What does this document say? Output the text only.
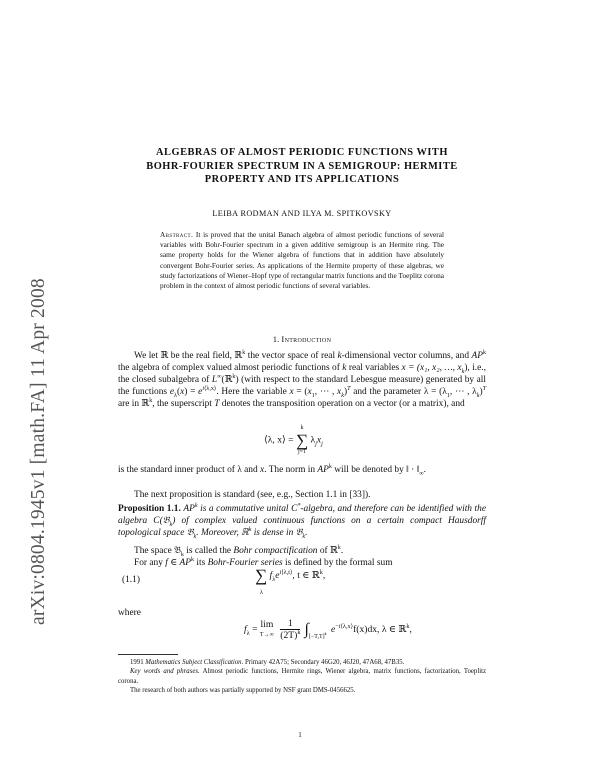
arXiv:0804.1945v1 [math.FA] 11 Apr 2008
ALGEBRAS OF ALMOST PERIODIC FUNCTIONS WITH
BOHR-FOURIER SPECTRUM IN A SEMIGROUP: HERMITE
PROPERTY AND ITS APPLICATIONS
LEIBA RODMAN AND ILYA M. SPITKOVSKY
Abstract. It is proved that the unital Banach algebra of almost periodic functions of several variables with Bohr-Fourier spectrum in a given additive semigroup is an Hermite ring. The same property holds for the Wiener algebra of functions that in addition have absolutely convergent Bohr-Fourier series. As applications of the Hermite property of these algebras, we study factorizations of Wiener–Hopf type of rectangular matrix functions and the Toeplitz corona problem in the context of almost periodic functions of several variables.
1. Introduction
We let ℝ be the real field, ℝ$^k$ the vector space of real k-dimensional vector columns, and $AP^k$ the algebra of complex valued almost periodic functions of k real variables x = (x₁, x₂, …, $x_k$), i.e., the closed subalgebra of L∞(ℝ$^k$) (with respect to the standard Lebesgue measure) generated by all the functions $e_\lambda(x) = e^{i⟨\lambda,x⟩}$. Here the variable $x = (x_1$, ⋯ , $x_k)^T$ and the parameter $\lambda = (\lambda_1$, ⋯ , $\lambda_k)^T$ are in ℝ$^k$, the superscript T denotes the transposition operation on a vector (or a matrix), and
⟨λ, x⟩ =
k
∑
j=1
$\lambda_jx_j$
is the standard inner product of λ and x. The norm in $AP^k$ will be denoted by ‖ · $‖_\infty$.
The next proposition is standard (see, e.g., Section 1.1 in [33]).
Proposition 1.1. $AP^k$ is a commutative unital C*-algebra, and therefore can be identified with the algebra C(𝔅$_k$) of complex valued continuous functions on a certain compact Hausdorff topological space 𝔅$_k$. Moreover, ℝ$^k$ is dense in 𝔅$_k$.
The space 𝔅$_k$ is called the Bohr compactification of ℝ$^k$.
For any f ∈ $AP^k$ its Bohr-Fourier series is defined by the formal sum
(1.1)	∑
λ
$f_\lambda e^{i⟨\lambda,t⟩}$, t ∈ ℝ$^k$,
where
$f_\lambda = \lim$
T→∞
$\frac{1}{(2T)^k} \int_{[-T,T]^k}$ $e^{-i⟨\lambda,x⟩}f(x)dx$, λ ∈ ℝ$^k$,
1991 Mathematics Subject Classification. Primary 42A75; Secondary 46G20, 46J20, 47A68, 47B35.
Key words and phrases. Almost periodic functions, Hermite rings, Wiener algebra, matrix functions, factorization, Toeplitz corona.
The research of both authors was partially supported by NSF grant DMS-0456625.
1
